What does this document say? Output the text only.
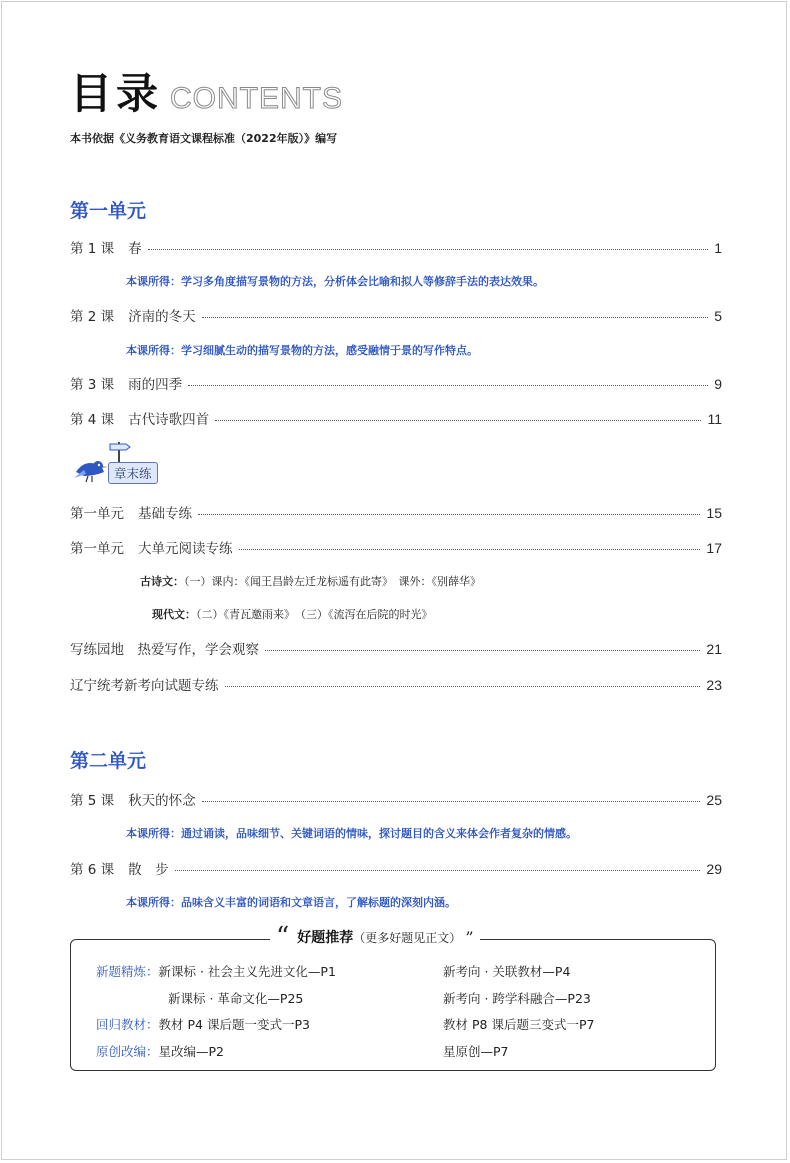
目录 CONTENTS
本书依据《义务教育语文课程标准（2022年版）》编写
第一单元
第 1 课 春	1
本课所得：学习多角度描写景物的方法，分析体会比喻和拟人等修辞手法的表达效果。
第 2 课 济南的冬天	5
本课所得：学习细腻生动的描写景物的方法，感受融情于景的写作特点。
第 3 课 雨的四季	9
第 4 课 古代诗歌四首	11
章末练
第一单元 基础专练	15
第一单元 大单元阅读专练	17
古诗文：（一）课内：《闻王昌龄左迁龙标遥有此寄》　课外：《别薛华》
现代文：（二）《青瓦邀雨来》　（三）《流泻在后院的时光》
写练园地　热爱写作，学会观察	21
辽宁统考新考向试题专练	23
第二单元
第 5 课 秋天的怀念	25
本课所得：通过诵读，品味细节、关键词语的情味，探讨题目的含义来体会作者复杂的情感。
第 6 课 散　步	29
本课所得：品味含义丰富的词语和文章语言，了解标题的深刻内涵。
“ 好题推荐 （更多好题见正文） ”
新题精炼：新课标 · 社会主义先进文化—P1	新考向 · 关联教材—P4
新课标 · 革命文化—P25	新考向 · 跨学科融合—P23
回归教材：教材 P4 课后题一变式一P3	教材 P8 课后题三变式一P7
原创改编：星改编—P2	星原创—P7
